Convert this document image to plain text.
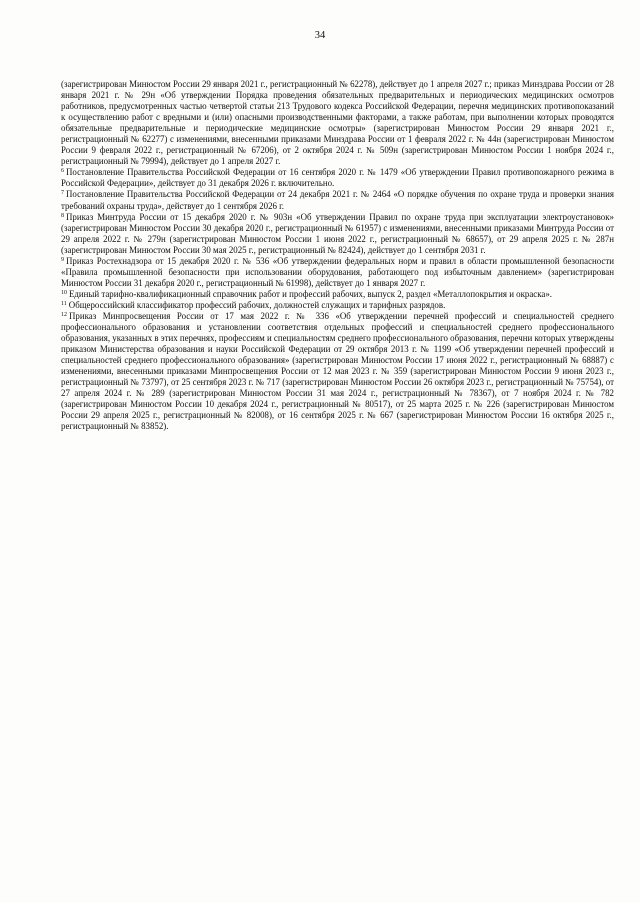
34

(зарегистрирован Минюстом России 29 января 2021 г., регистрационный № 62278), действует до 1 апреля 2027 г.; приказ Минздрава России от 28 января 2021 г. № 29н «Об утверждении Порядка проведения обязательных предварительных и периодических медицинских осмотров работников, предусмотренных частью четвертой статьи 213 Трудового кодекса Российской Федерации, перечня медицинских противопоказаний к осуществлению работ с вредными и (или) опасными производственными факторами, а также работам, при выполнении которых проводятся обязательные предварительные и периодические медицинские осмотры» (зарегистрирован Минюстом России 29 января 2021 г., регистрационный № 62277) с изменениями, внесенными приказами Минздрава России от 1 февраля 2022 г. № 44н (зарегистрирован Минюстом России 9 февраля 2022 г., регистрационный № 67206), от 2 октября 2024 г. № 509н (зарегистрирован Минюстом России 1 ноября 2024 г., регистрационный № 79994), действует до 1 апреля 2027 г.

$^6$ Постановление Правительства Российской Федерации от 16 сентября 2020 г. № 1479 «Об утверждении Правил противопожарного режима в Российской Федерации», действует до 31 декабря 2026 г. включительно.

$^7$ Постановление Правительства Российской Федерации от 24 декабря 2021 г. № 2464 «О порядке обучения по охране труда и проверки знания требований охраны труда», действует до 1 сентября 2026 г.

$^8$ Приказ Минтруда России от 15 декабря 2020 г. № 903н «Об утверждении Правил по охране труда при эксплуатации электроустановок» (зарегистрирован Минюстом России 30 декабря 2020 г., регистрационный № 61957) с изменениями, внесенными приказами Минтруда России от 29 апреля 2022 г. № 279н (зарегистрирован Минюстом России 1 июня 2022 г., регистрационный № 68657), от 29 апреля 2025 г. № 287н (зарегистрирован Минюстом России 30 мая 2025 г., регистрационный № 82424), действует до 1 сентября 2031 г.

$^9$ Приказ Ростехнадзора от 15 декабря 2020 г. № 536 «Об утверждении федеральных норм и правил в области промышленной безопасности «Правила промышленной безопасности при использовании оборудования, работающего под избыточным давлением» (зарегистрирован Минюстом России 31 декабря 2020 г., регистрационный № 61998), действует до 1 января 2027 г.

$^{10}$ Единый тарифно-квалификационный справочник работ и профессий рабочих, выпуск 2, раздел «Металлопокрытия и окраска».

$^{11}$ Общероссийский классификатор профессий рабочих, должностей служащих и тарифных разрядов.

$^{12}$ Приказ Минпросвещения России от 17 мая 2022 г. № 336 «Об утверждении перечней профессий и специальностей среднего профессионального образования и установлении соответствия отдельных профессий и специальностей среднего профессионального образования, указанных в этих перечнях, профессиям и специальностям среднего профессионального образования, перечни которых утверждены приказом Министерства образования и науки Российской Федерации от 29 октября 2013 г. № 1199 «Об утверждении перечней профессий и специальностей среднего профессионального образования» (зарегистрирован Минюстом России 17 июня 2022 г., регистрационный № 68887) с изменениями, внесенными приказами Минпросвещения России от 12 мая 2023 г. № 359 (зарегистрирован Минюстом России 9 июня 2023 г., регистрационный № 73797), от 25 сентября 2023 г. № 717 (зарегистрирован Минюстом России 26 октября 2023 г., регистрационный № 75754), от 27 апреля 2024 г. № 289 (зарегистрирован Минюстом России 31 мая 2024 г., регистрационный № 78367), от 7 ноября 2024 г. № 782 (зарегистрирован Минюстом России 10 декабря 2024 г., регистрационный № 80517), от 25 марта 2025 г. № 226 (зарегистрирован Минюстом России 29 апреля 2025 г., регистрационный № 82008), от 16 сентября 2025 г. № 667 (зарегистрирован Минюстом России 16 октября 2025 г., регистрационный № 83852).
